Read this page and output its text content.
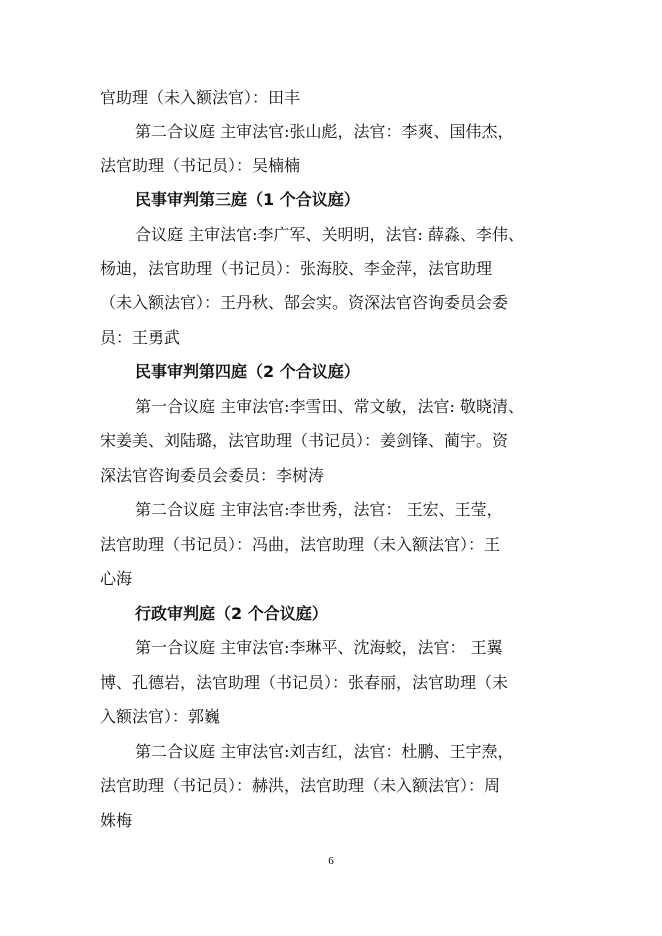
官助理（未入额法官）：田丰
第二合议庭 主审法官:张山彪，法官：李爽、国伟杰，
法官助理（书记员）：吴楠楠
民事审判第三庭（1 个合议庭）
合议庭 主审法官:李广军、关明明，法官: 薛淼、李伟、
杨迪，法官助理（书记员）：张海胶、李金萍，法官助理
（未入额法官）：王丹秋、郜会实。资深法官咨询委员会委
员：王勇武
民事审判第四庭（2 个合议庭）
第一合议庭 主审法官:李雪田、常文敏，法官: 敬晓清、
宋姜美、刘陆璐，法官助理（书记员）：姜剑锋、蔺宇。资
深法官咨询委员会委员：李树涛
第二合议庭 主审法官:李世秀，法官： 王宏、王莹，
法官助理（书记员）：冯曲，法官助理（未入额法官）：王
心海
行政审判庭（2 个合议庭）
第一合议庭 主审法官:李琳平、沈海蛟，法官： 王翼
博、孔德岩，法官助理（书记员）：张春丽，法官助理（未
入额法官）：郭巍
第二合议庭 主审法官:刘吉红，法官：杜鹏、王宇焘，
法官助理（书记员）：赫洪，法官助理（未入额法官）：周
姝梅
6
